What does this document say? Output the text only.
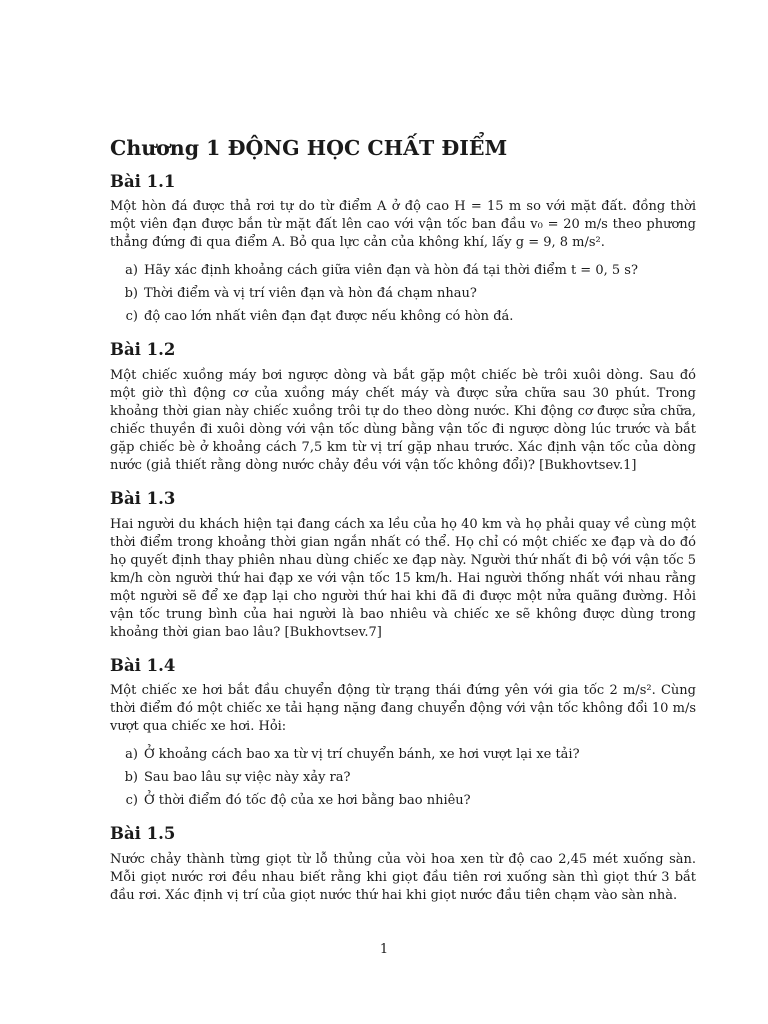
Chương 1 ĐỘNG HỌC CHẤT ĐIỂM
Bài 1.1

Một hòn đá được thả rơi tự do từ điểm A ở độ cao H = 15 m so với mặt đất. đồng thời một viên đạn được bắn từ mặt đất lên cao với vận tốc ban đầu v₀ = 20 m/s theo phương thẳng đứng đi qua điểm A. Bỏ qua lực cản của không khí, lấy g = 9, 8 m/s².

a) Hãy xác định khoảng cách giữa viên đạn và hòn đá tại thời điểm t = 0, 5 s?
b) Thời điểm và vị trí viên đạn và hòn đá chạm nhau?
c) độ cao lớn nhất viên đạn đạt được nếu không có hòn đá.
Bài 1.2

Một chiếc xuồng máy bơi ngược dòng và bắt gặp một chiếc bè trôi xuôi dòng. Sau đó một giờ thì động cơ của xuồng máy chết máy và được sửa chữa sau 30 phút. Trong khoảng thời gian này chiếc xuồng trôi tự do theo dòng nước. Khi động cơ được sửa chữa, chiếc thuyền đi xuôi dòng với vận tốc dùng bằng vận tốc đi ngược dòng lúc trước và bắt gặp chiếc bè ở khoảng cách 7,5 km từ vị trí gặp nhau trước. Xác định vận tốc của dòng nước (giả thiết rằng dòng nước chảy đều với vận tốc không đổi)? [Bukhovtsev.1]

Bài 1.3

Hai người du khách hiện tại đang cách xa lều của họ 40 km và họ phải quay về cùng một thời điểm trong khoảng thời gian ngắn nhất có thể. Họ chỉ có một chiếc xe đạp và do đó họ quyết định thay phiên nhau dùng chiếc xe đạp này. Người thứ nhất đi bộ với vận tốc 5 km/h còn người thứ hai đạp xe với vận tốc 15 km/h. Hai người thống nhất với nhau rằng một người sẽ để xe đạp lại cho người thứ hai khi đã đi được một nửa quãng đường. Hỏi vận tốc trung bình của hai người là bao nhiêu và chiếc xe sẽ không được dùng trong khoảng thời gian bao lâu? [Bukhovtsev.7]

Bài 1.4

Một chiếc xe hơi bắt đầu chuyển động từ trạng thái đứng yên với gia tốc 2 m/s². Cùng thời điểm đó một chiếc xe tải hạng nặng đang chuyển động với vận tốc không đổi 10 m/s vượt qua chiếc xe hơi. Hỏi:

a) Ở khoảng cách bao xa từ vị trí chuyển bánh, xe hơi vượt lại xe tải?
b) Sau bao lâu sự việc này xảy ra?
c) Ở thời điểm đó tốc độ của xe hơi bằng bao nhiêu?
Bài 1.5

Nước chảy thành từng giọt từ lỗ thủng của vòi hoa xen từ độ cao 2,45 mét xuống sàn. Mỗi giọt nước rơi đều nhau biết rằng khi giọt đầu tiên rơi xuống sàn thì giọt thứ 3 bắt đầu rơi. Xác định vị trí của giọt nước thứ hai khi giọt nước đầu tiên chạm vào sàn nhà.

1
